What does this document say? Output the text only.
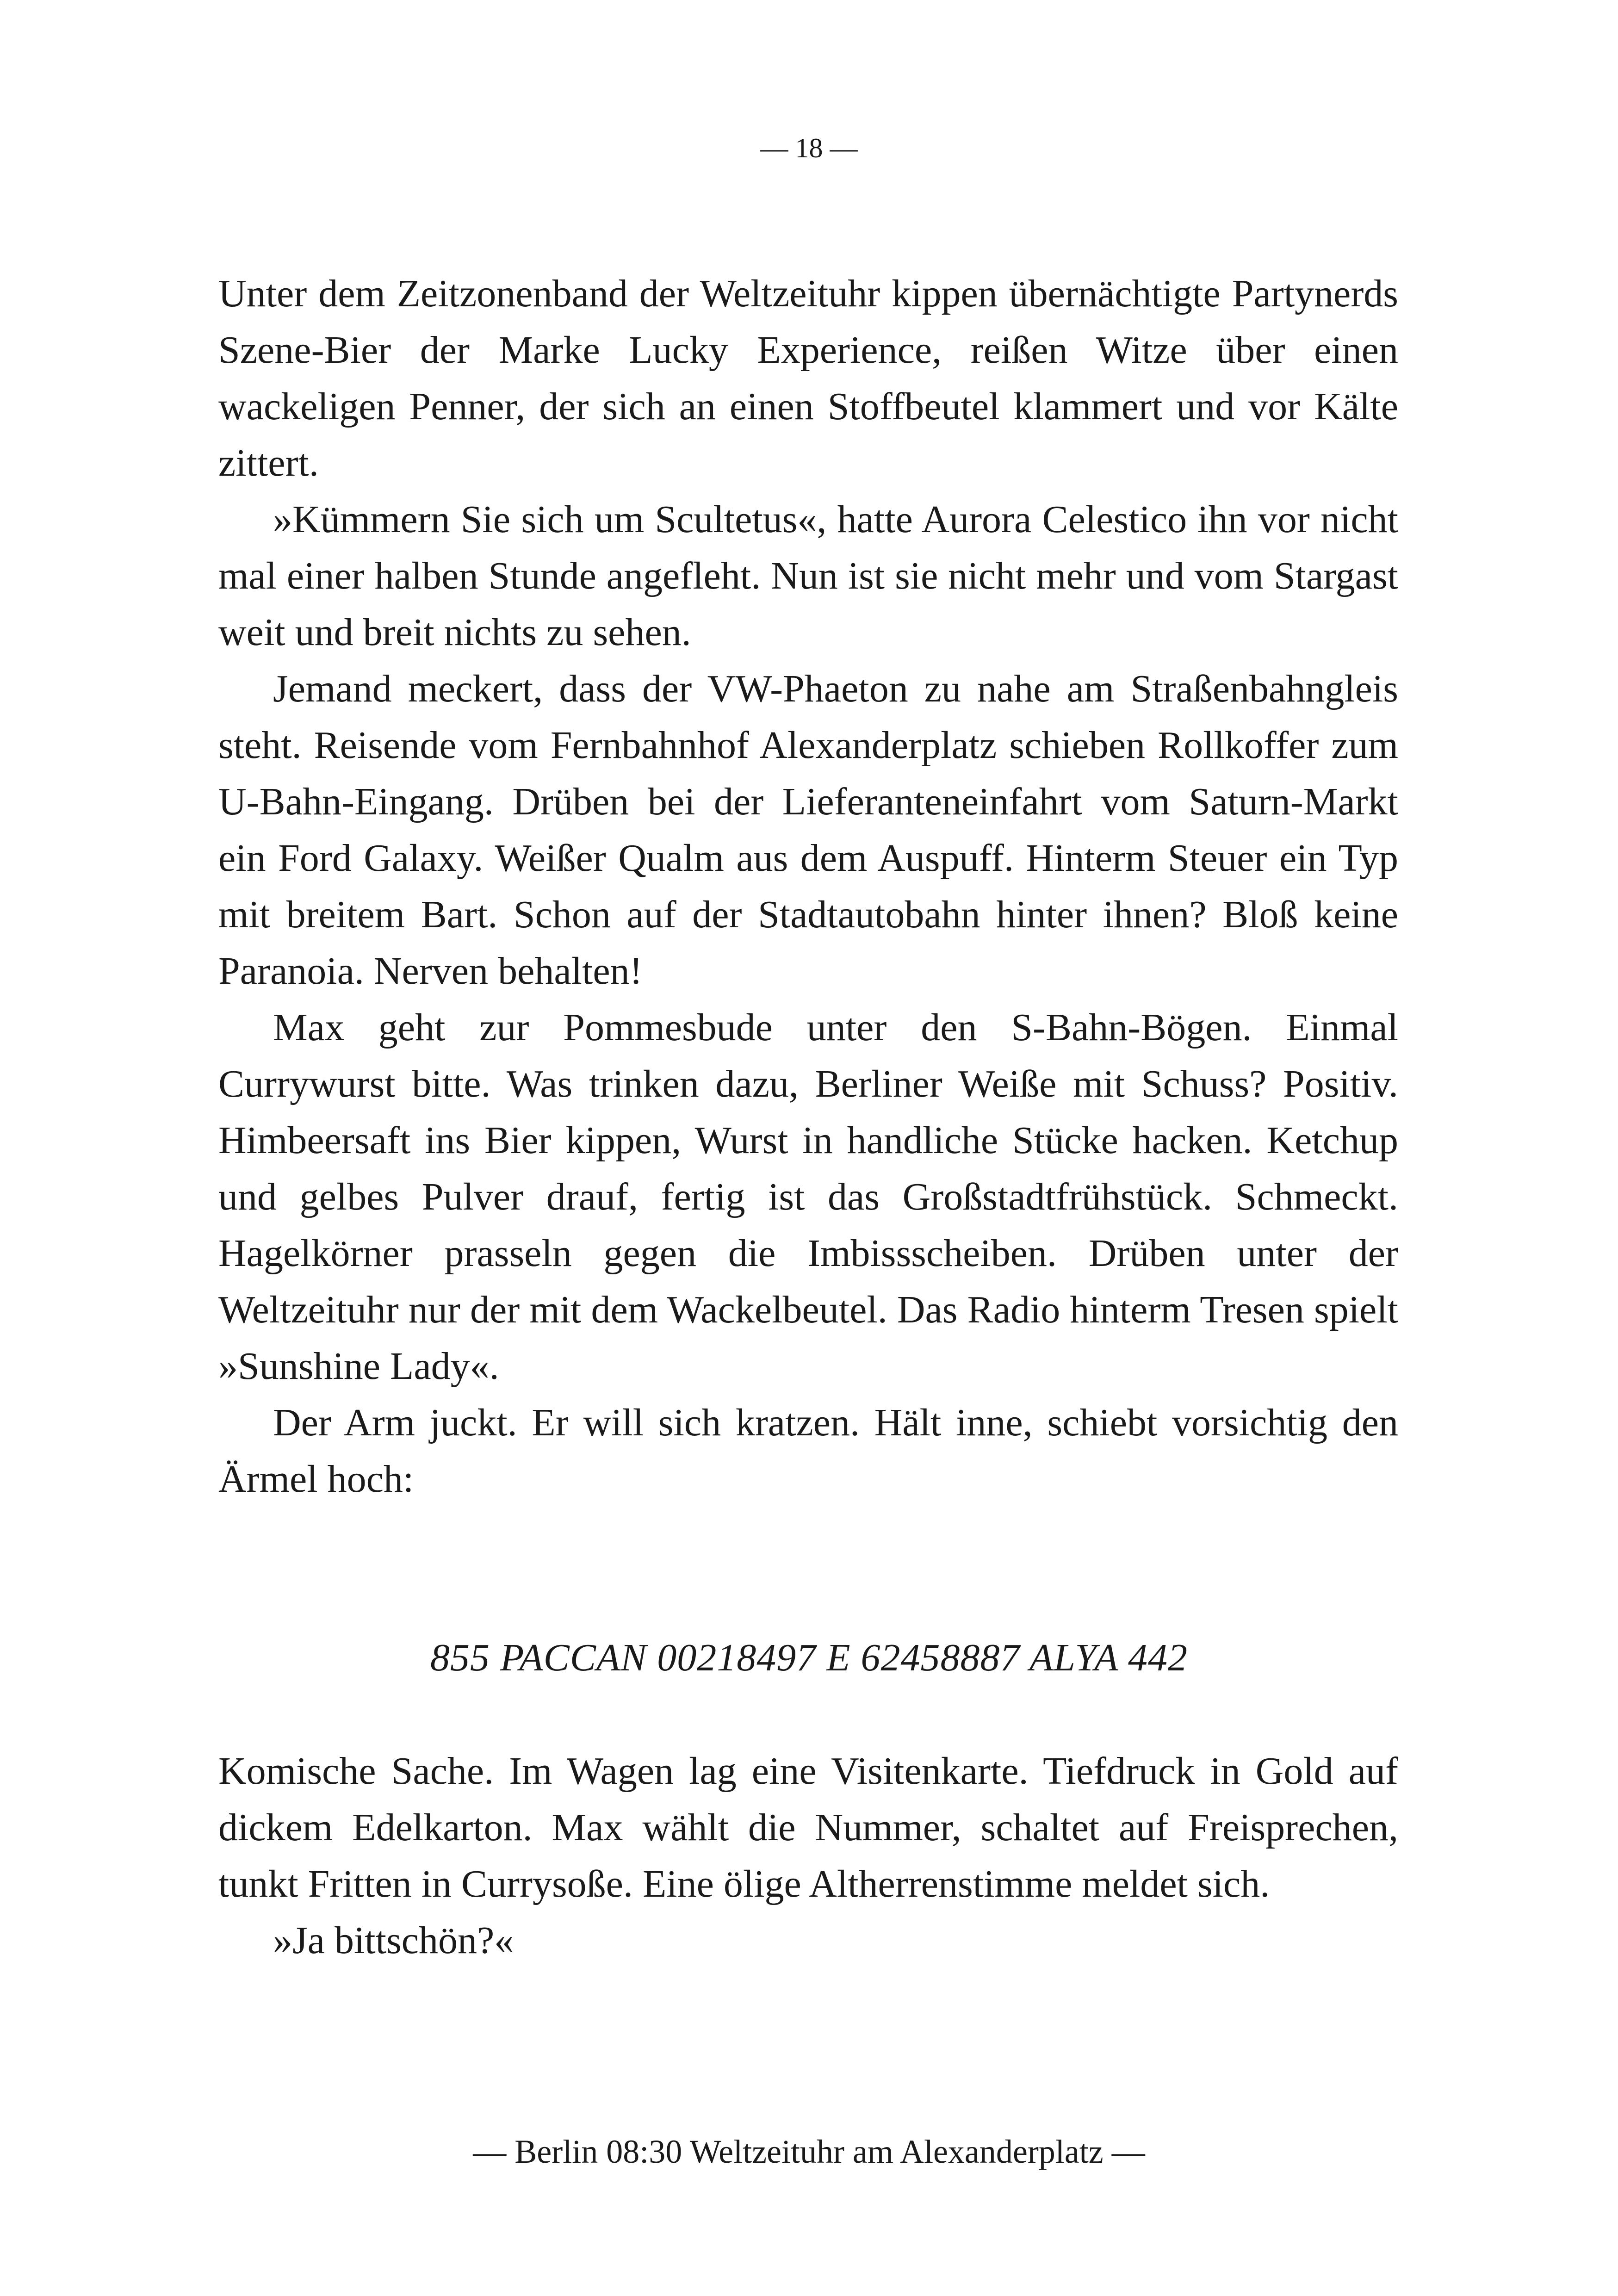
— 18 —

Unter dem Zeitzonenband der Weltzeituhr kippen übernächtigte Partynerds Szene-Bier der Marke Lucky Experience, reißen Witze über einen wackeligen Penner, der sich an einen Stoffbeutel klammert und vor Kälte zittert.

»Kümmern Sie sich um Scultetus«, hatte Aurora Celestico ihn vor nicht mal einer halben Stunde angefleht. Nun ist sie nicht mehr und vom Stargast weit und breit nichts zu sehen.

Jemand meckert, dass der VW-Phaeton zu nahe am Straßenbahngleis steht. Reisende vom Fernbahnhof Alexanderplatz schieben Rollkoffer zum U-Bahn-Eingang. Drüben bei der Lieferanteneinfahrt vom Saturn-Markt ein Ford Galaxy. Weißer Qualm aus dem Auspuff. Hinterm Steuer ein Typ mit breitem Bart. Schon auf der Stadtautobahn hinter ihnen? Bloß keine Paranoia. Nerven behalten!

Max geht zur Pommesbude unter den S-Bahn-Bögen. Einmal Currywurst bitte. Was trinken dazu, Berliner Weiße mit Schuss? Positiv. Himbeersaft ins Bier kippen, Wurst in handliche Stücke hacken. Ketchup und gelbes Pulver drauf, fertig ist das Großstadtfrühstück. Schmeckt. Hagelkörner prasseln gegen die Imbissscheiben. Drüben unter der Weltzeituhr nur der mit dem Wackelbeutel. Das Radio hinterm Tresen spielt »Sunshine Lady«.

Der Arm juckt. Er will sich kratzen. Hält inne, schiebt vorsichtig den Ärmel hoch:

855 PACCAN 00218497 E 62458887 ALYA 442

Komische Sache. Im Wagen lag eine Visitenkarte. Tiefdruck in Gold auf dickem Edelkarton. Max wählt die Nummer, schaltet auf Freisprechen, tunkt Fritten in Currysoße. Eine ölige Altherrenstimme meldet sich.

»Ja bittschön?«

— Berlin 08:30 Weltzeituhr am Alexanderplatz —
